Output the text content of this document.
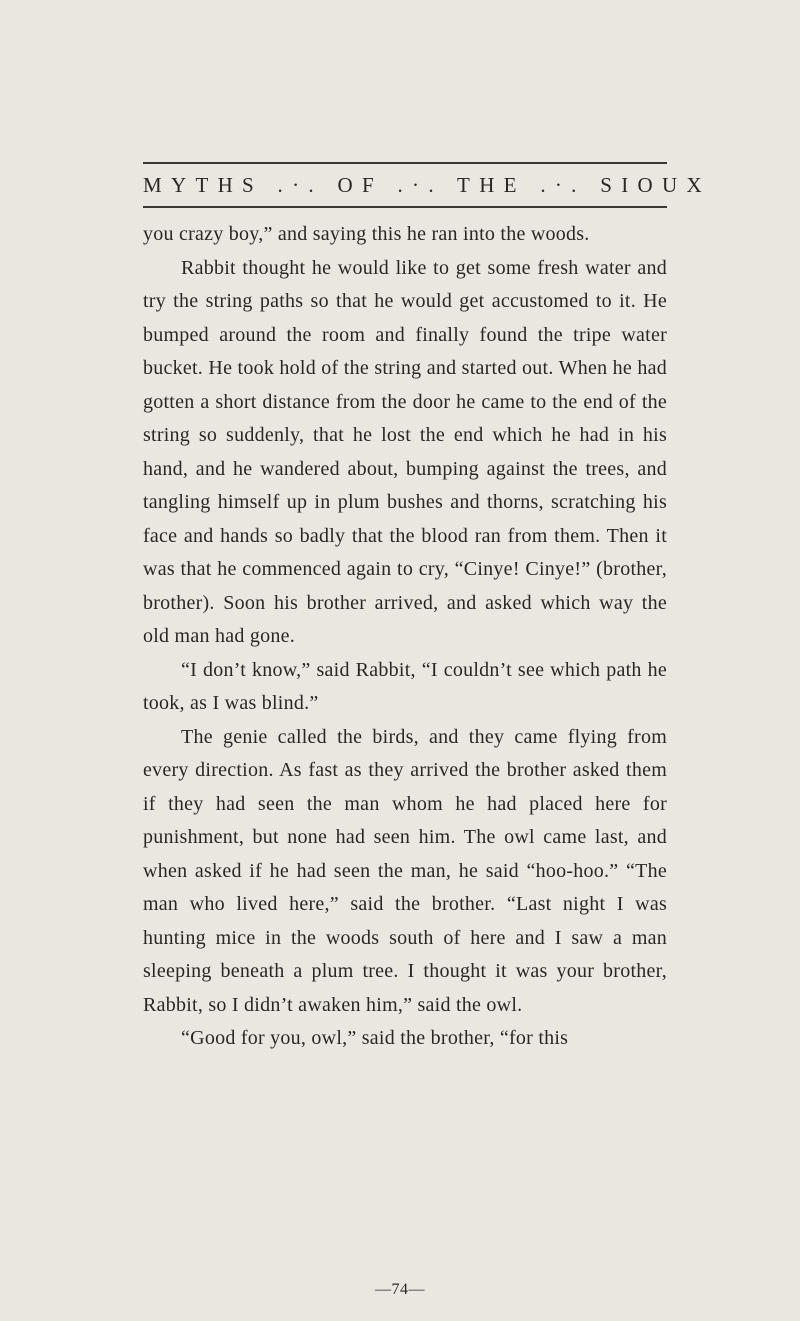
MYTHS .·. OF .·. THE .·. SIOUX

you crazy boy,” and saying this he ran into the woods.

Rabbit thought he would like to get some fresh water and try the string paths so that he would get accustomed to it. He bumped around the room and finally found the tripe water bucket. He took hold of the string and started out. When he had gotten a short distance from the door he came to the end of the string so suddenly, that he lost the end which he had in his hand, and he wandered about, bumping against the trees, and tangling himself up in plum bushes and thorns, scratching his face and hands so badly that the blood ran from them. Then it was that he commenced again to cry, “Cinye! Cinye!” (brother, brother). Soon his brother arrived, and asked which way the old man had gone.

“I don’t know,” said Rabbit, “I couldn’t see which path he took, as I was blind.”

The genie called the birds, and they came flying from every direction. As fast as they arrived the brother asked them if they had seen the man whom he had placed here for punishment, but none had seen him. The owl came last, and when asked if he had seen the man, he said “hoo-hoo.” “The man who lived here,” said the brother. “Last night I was hunting mice in the woods south of here and I saw a man sleeping beneath a plum tree. I thought it was your brother, Rabbit, so I didn’t awaken him,” said the owl.

“Good for you, owl,” said the brother, “for this

—74—
